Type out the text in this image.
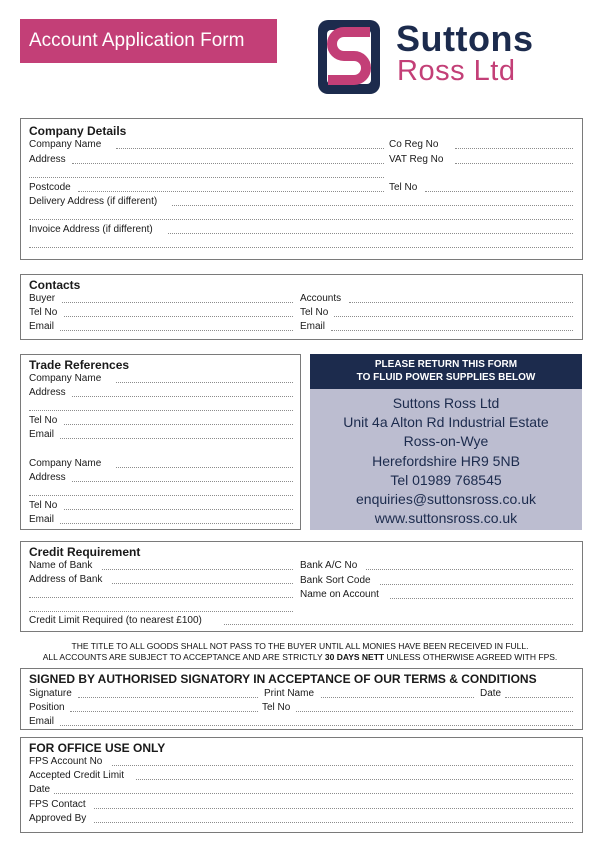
Account Application Form	Suttons
Ross Ltd
Company Details
Company Name	Co Reg No
Address	VAT Reg No
Postcode	Tel No
Delivery Address (if different)
Invoice Address (if different)
Contacts
Buyer	Accounts
Tel No	Tel No
Email	Email
Trade References
Company Name
Address
Tel No
Email
Company Name
Address
Tel No
Email
PLEASE RETURN THIS FORM
TO FLUID POWER SUPPLIES BELOW
Suttons Ross Ltd
Unit 4a Alton Rd Industrial Estate
Ross-on-Wye
Herefordshire HR9 5NB
Tel 01989 768545
enquiries@suttonsross.co.uk
www.suttonsross.co.uk
Credit Requirement
Name of Bank	Bank A/C No
Address of Bank	Bank Sort Code
Name on Account
Credit Limit Required (to nearest £100)
THE TITLE TO ALL GOODS SHALL NOT PASS TO THE BUYER UNTIL ALL MONIES HAVE BEEN RECEIVED IN FULL.
ALL ACCOUNTS ARE SUBJECT TO ACCEPTANCE AND ARE STRICTLY 30 DAYS NETT UNLESS OTHERWISE AGREED WITH FPS.
SIGNED BY AUTHORISED SIGNATORY IN ACCEPTANCE OF OUR TERMS & CONDITIONS
Signature	Print Name	Date
Position	Tel No
Email
FOR OFFICE USE ONLY
FPS Account No
Accepted Credit Limit
Date
FPS Contact
Approved By
